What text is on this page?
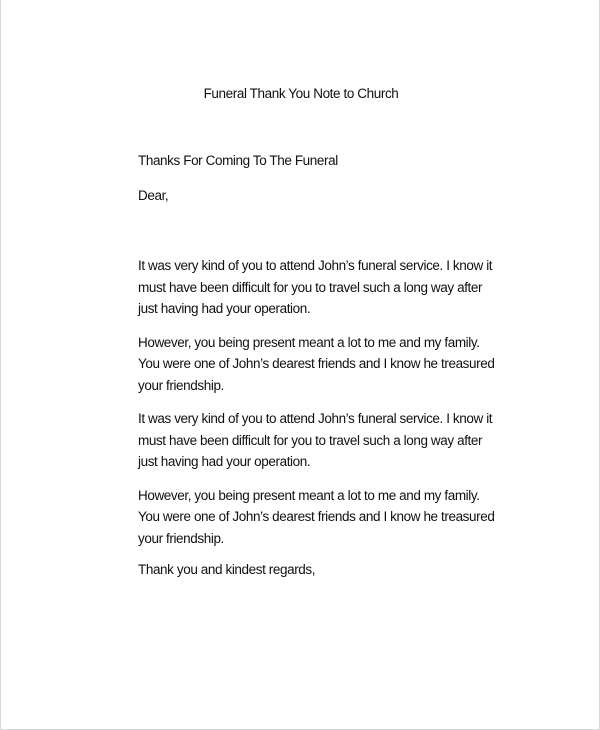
Funeral Thank You Note to Church
Thanks For Coming To The Funeral
Dear,
It was very kind of you to attend John’s funeral service. I know it
must have been difficult for you to travel such a long way after
just having had your operation.
However, you being present meant a lot to me and my family.
You were one of John’s dearest friends and I know he treasured
your friendship.
It was very kind of you to attend John’s funeral service. I know it
must have been difficult for you to travel such a long way after
just having had your operation.
However, you being present meant a lot to me and my family.
You were one of John’s dearest friends and I know he treasured
your friendship.
Thank you and kindest regards,
